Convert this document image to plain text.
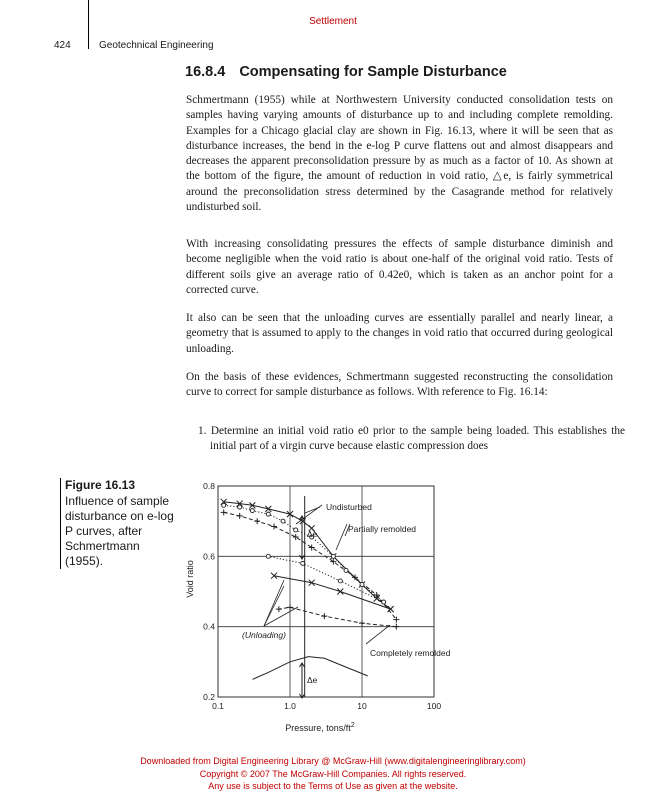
Settlement
424	Geotechnical Engineering
16.8.4 Compensating for Sample Disturbance

Schmertmann (1955) while at Northwestern University conducted consolidation tests on samples having varying amounts of disturbance up to and including complete remolding. Examples for a Chicago glacial clay are shown in Fig. 16.13, where it will be seen that as disturbance increases, the bend in the e-log P curve flattens out and almost disappears and decreases the apparent preconsolidation pressure by as much as a factor of 10. As shown at the bottom of the figure, the amount of reduction in void ratio, △e, is fairly symmetrical around the preconsolidation stress determined by the Casagrande method for relatively undisturbed soil.

With increasing consolidating pressures the effects of sample disturbance diminish and become negligible when the void ratio is about one-half of the original void ratio. Tests of different soils give an average ratio of 0.42e0, which is taken as an anchor point for a corrected curve.

It also can be seen that the unloading curves are essentially parallel and nearly linear, a geometry that is assumed to apply to the changes in void ratio that occurred during geological unloading.

On the basis of these evidences, Schmertmann suggested reconstructing the consolidation curve to correct for sample disturbance as follows. With reference to Fig. 16.14:

1. Determine an initial void ratio e0 prior to the sample being loaded. This establishes the initial part of a virgin curve because elastic compression does

Figure 16.13
Influence of sample disturbance on e-log P curves, after Schmertmann (1955).
0.1	1.0	10	100
0.2
0.4
0.6
0.8
Pressure, tons/$ft^2$
Void ratio
Undisturbed
Partially remolded
Completely remolded
(Unloading)
Δe
Δe
Downloaded from Digital Engineering Library @ McGraw-Hill (www.digitalengineeringlibrary.com)
Copyright © 2007 The McGraw-Hill Companies. All rights reserved.
Any use is subject to the Terms of Use as given at the website.
